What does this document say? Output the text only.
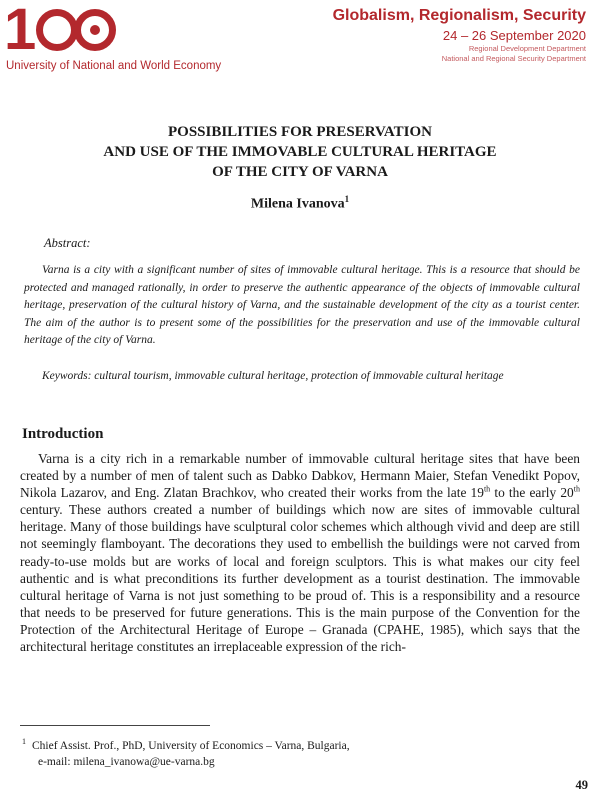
1
University of National and World Economy
Globalism, Regionalism, Security
24 – 26 September 2020
Regional Development Department
National and Regional Security Department
POSSIBILITIES FOR PRESERVATION
AND USE OF THE IMMOVABLE CULTURAL HERITAGE
OF THE CITY OF VARNA
Milena Ivanova$^1$
Abstract:

Varna is a city with a significant number of sites of immovable cultural heritage. This is a resource that should be protected and managed rationally, in order to preserve the authentic appearance of the objects of immovable cultural heritage, preservation of the cultural history of Varna, and the sustainable development of the city as a tourist center. The aim of the author is to present some of the possibilities for the preservation and use of the immovable cultural heritage of the city of Varna.

Keywords: cultural tourism, immovable cultural heritage, protection of immovable cultural heritage

Introduction

Varna is a city rich in a remarkable number of immovable cultural heritage sites that have been created by a number of men of talent such as Dabko Dabkov, Hermann Maier, Stefan Venedikt Popov, Nikola Lazarov, and Eng. Zlatan Brachkov, who created their works from the late 19th to the early 20th century. These authors created a number of buildings which now are sites of immovable cultural heritage. Many of those buildings have sculptural color schemes which although vivid and deep are still not seemingly flamboyant. The decorations they used to embellish the buildings were not carved from ready-to-use molds but are works of local and foreign sculptors. This is what makes our city feel authentic and is what preconditions its further development as a tourist destination. The immovable cultural heritage of Varna is not just something to be proud of. This is a responsibility and a resource that needs to be preserved for future generations. This is the main purpose of the Convention for the Protection of the Architectural Heritage of Europe – Granada (CPAHE, 1985), which says that the architectural heritage constitutes an irreplaceable expression of the rich-

$^1$ Chief Assist. Prof., PhD, University of Economics – Varna, Bulgaria,
e-mail: milena_ivanowa@ue-varna.bg
49
